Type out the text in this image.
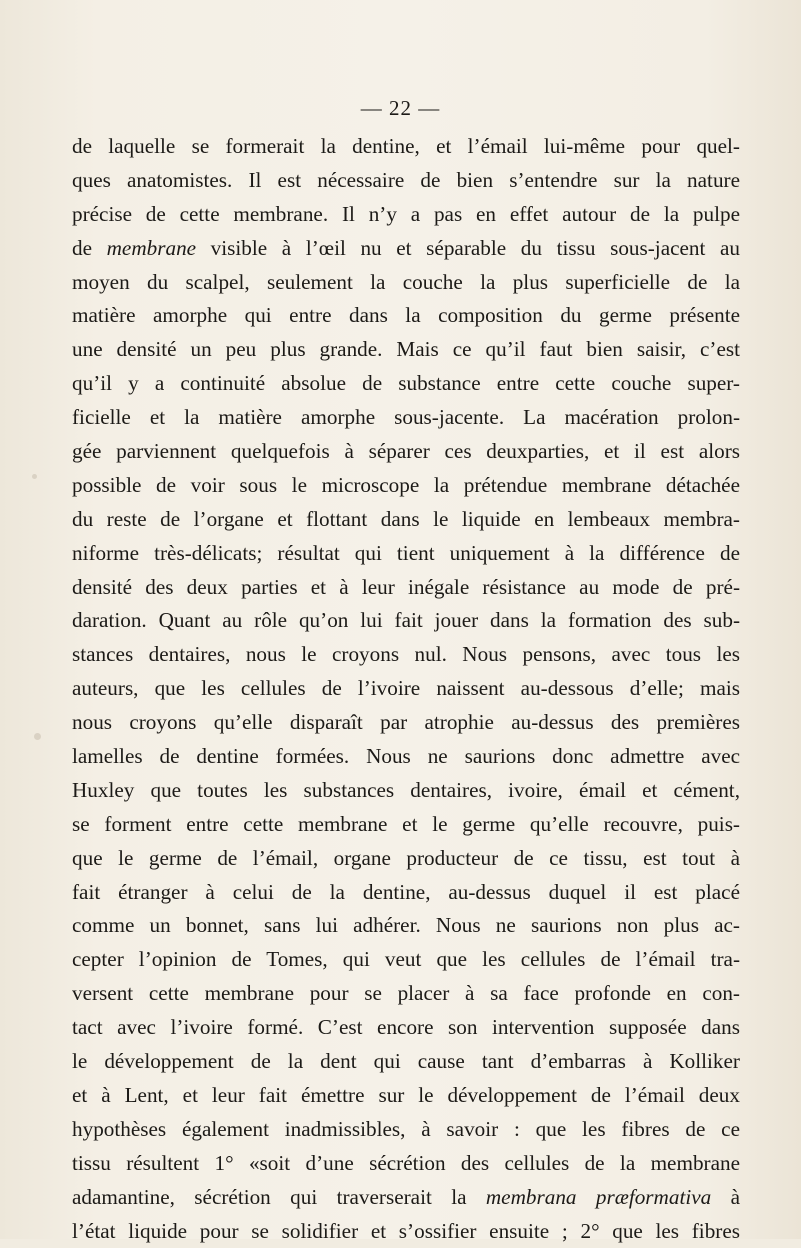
— 22 —
de laquelle se formerait la dentine, et l’émail lui-même pour quel-
ques anatomistes. Il est nécessaire de bien s’entendre sur la nature
précise de cette membrane. Il n’y a pas en effet autour de la pulpe
de membrane visible à l’œil nu et séparable du tissu sous-jacent au
moyen du scalpel, seulement la couche la plus superficielle de la
matière amorphe qui entre dans la composition du germe présente
une densité un peu plus grande. Mais ce qu’il faut bien saisir, c’est
qu’il y a continuité absolue de substance entre cette couche super-
ficielle et la matière amorphe sous-jacente. La macération prolon-
gée parviennent quelquefois à séparer ces deuxparties, et il est alors
possible de voir sous le microscope la prétendue membrane détachée
du reste de l’organe et flottant dans le liquide en lembeaux membra-
niforme très-délicats; résultat qui tient uniquement à la différence de
densité des deux parties et à leur inégale résistance au mode de pré-
daration. Quant au rôle qu’on lui fait jouer dans la formation des sub-
stances dentaires, nous le croyons nul. Nous pensons, avec tous les
auteurs, que les cellules de l’ivoire naissent au-dessous d’elle; mais
nous croyons qu’elle disparaît par atrophie au-dessus des premières
lamelles de dentine formées. Nous ne saurions donc admettre avec
Huxley que toutes les substances dentaires, ivoire, émail et cément,
se forment entre cette membrane et le germe qu’elle recouvre, puis-
que le germe de l’émail, organe producteur de ce tissu, est tout à
fait étranger à celui de la dentine, au-dessus duquel il est placé
comme un bonnet, sans lui adhérer. Nous ne saurions non plus ac-
cepter l’opinion de Tomes, qui veut que les cellules de l’émail tra-
versent cette membrane pour se placer à sa face profonde en con-
tact avec l’ivoire formé. C’est encore son intervention supposée dans
le développement de la dent qui cause tant d’embarras à Kolliker
et à Lent, et leur fait émettre sur le développement de l’émail deux
hypothèses également inadmissibles, à savoir : que les fibres de ce
tissu résultent 1° «soit d’une sécrétion des cellules de la membrane
adamantine, sécrétion qui traverserait la membrana præformativa à
l’état liquide pour se solidifier et s’ossifier ensuite ; 2° que les fibres
